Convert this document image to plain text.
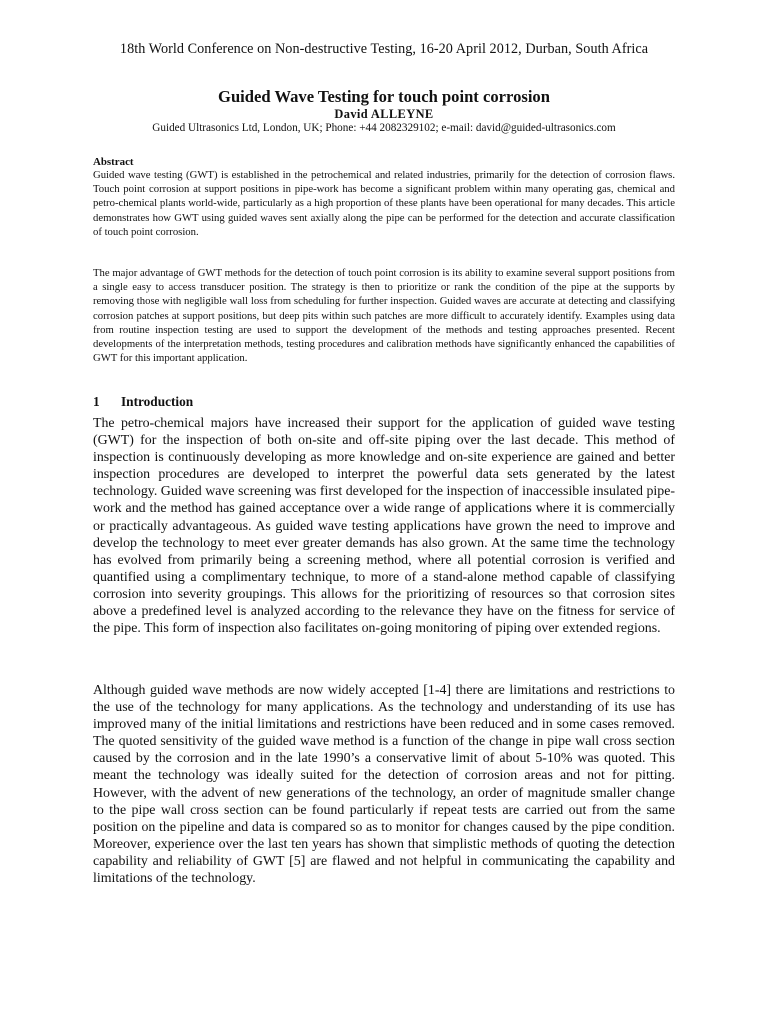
18th World Conference on Non-destructive Testing, 16-20 April 2012, Durban, South Africa
Guided Wave Testing for touch point corrosion
David ALLEYNE
Guided Ultrasonics Ltd, London, UK; Phone: +44 2082329102; e-mail: david@guided-ultrasonics.com
Abstract
Guided wave testing (GWT) is established in the petrochemical and related industries, primarily for the detection of corrosion flaws. Touch point corrosion at support positions in pipe-work has become a significant problem within many operating gas, chemical and petro-chemical plants world-wide, particularly as a high proportion of these plants have been operational for many decades. This article demonstrates how GWT using guided waves sent axially along the pipe can be performed for the detection and accurate classification of touch point corrosion.
The major advantage of GWT methods for the detection of touch point corrosion is its ability to examine several support positions from a single easy to access transducer position. The strategy is then to prioritize or rank the condition of the pipe at the supports by removing those with negligible wall loss from scheduling for further inspection. Guided waves are accurate at detecting and classifying corrosion patches at support positions, but deep pits within such patches are more difficult to accurately identify. Examples using data from routine inspection testing are used to support the development of the methods and testing approaches presented. Recent developments of the interpretation methods, testing procedures and calibration methods have significantly enhanced the capabilities of GWT for this important application.
1 Introduction
The petro-chemical majors have increased their support for the application of guided wave testing (GWT) for the inspection of both on-site and off-site piping over the last decade. This method of inspection is continuously developing as more knowledge and on-site experience are gained and better inspection procedures are developed to interpret the powerful data sets generated by the latest technology. Guided wave screening was first developed for the inspection of inaccessible insulated pipe-work and the method has gained acceptance over a wide range of applications where it is commercially or practically advantageous. As guided wave testing applications have grown the need to improve and develop the technology to meet ever greater demands has also grown. At the same time the technology has evolved from primarily being a screening method, where all potential corrosion is verified and quantified using a complimentary technique, to more of a stand-alone method capable of classifying corrosion into severity groupings. This allows for the prioritizing of resources so that corrosion sites above a predefined level is analyzed according to the relevance they have on the fitness for service of the pipe. This form of inspection also facilitates on-going monitoring of piping over extended regions.
Although guided wave methods are now widely accepted [1-4] there are limitations and restrictions to the use of the technology for many applications. As the technology and understanding of its use has improved many of the initial limitations and restrictions have been reduced and in some cases removed. The quoted sensitivity of the guided wave method is a function of the change in pipe wall cross section caused by the corrosion and in the late 1990’s a conservative limit of about 5-10% was quoted. This meant the technology was ideally suited for the detection of corrosion areas and not for pitting. However, with the advent of new generations of the technology, an order of magnitude smaller change to the pipe wall cross section can be found particularly if repeat tests are carried out from the same position on the pipeline and data is compared so as to monitor for changes caused by the pipe condition. Moreover, experience over the last ten years has shown that simplistic methods of quoting the detection capability and reliability of GWT [5] are flawed and not helpful in communicating the capability and limitations of the technology.
